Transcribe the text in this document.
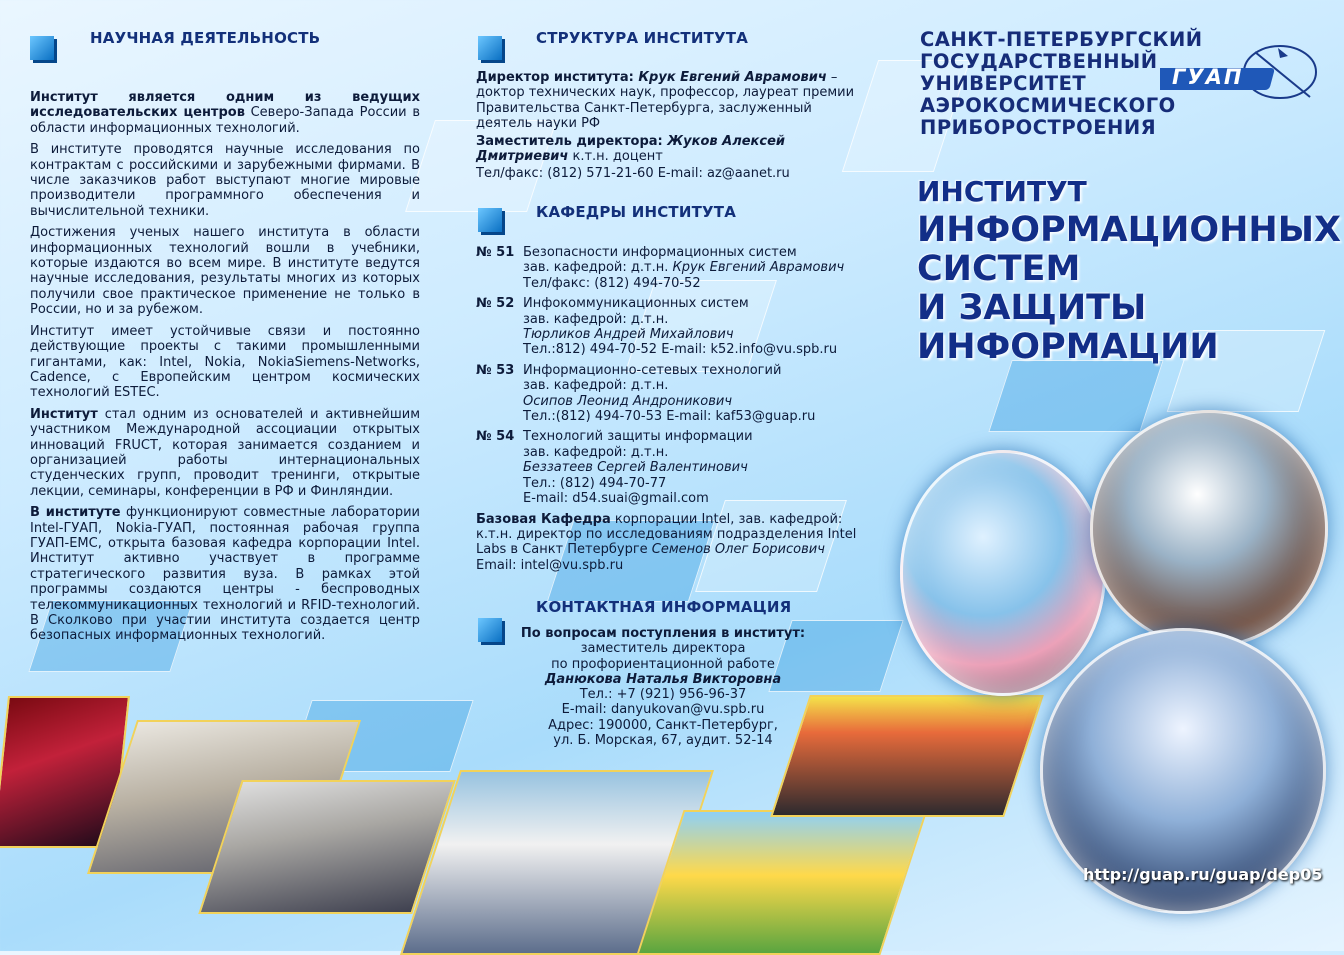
НАУЧНАЯ ДЕЯТЕЛЬНОСТЬ

Институт является одним из ведущих исследовательских центров Северо-Запада России в области информационных технологий.

В институте проводятся научные исследования по контрактам с российскими и зарубежными фирмами. В числе заказчиков работ выступают многие мировые производители программного обеспечения и вычислительной техники.

Достижения ученых нашего института в области информационных технологий вошли в учебники, которые издаются во всем мире. В институте ведутся научные исследования, результаты многих из которых получили свое практическое применение не только в России, но и за рубежом.

Институт имеет устойчивые связи и постоянно действующие проекты с такими промышленными гигантами, как: Intel, Nokia, NokiaSiemens-Networks, Cadence, с Европейским центром космических технологий ESTEC.

Институт стал одним из основателей и активнейшим участником Международной ассоциации открытых инноваций FRUCT, которая занимается созданием и организацией работы интернациональных студенческих групп, проводит тренинги, открытые лекции, семинары, конференции в РФ и Финляндии.

В институте функционируют совместные лаборатории Intel-ГУАП, Nokia-ГУАП, постоянная рабочая группа ГУАП-ЕМС, открыта базовая кафедра корпорации Intel. Институт активно участвует в программе стратегического развития вуза. В рамках этой программы создаются центры - беспроводных телекоммуникационных технологий и RFID-технологий. В Сколково при участии института создается центр безопасных информационных технологий.

СТРУКТУРА ИНСТИТУТА

Директор института: Крук Евгений Аврамович – доктор технических наук, профессор, лауреат премии Правительства Санкт-Петербурга, заслуженный деятель науки РФ

Заместитель директора: Жуков Алексей Дмитриевич к.т.н. доцент

Тел/факс: (812) 571-21-60 E-mail: az@aanet.ru

КАФЕДРЫ ИНСТИТУТА
№ 51 Безопасности информационных систем
зав. кафедрой: д.т.н. Крук Евгений Аврамович
Тел/факс: (812) 494-70-52
№ 52 Инфокоммуникационных систем
зав. кафедрой: д.т.н.
Тюрликов Андрей Михайлович
Тел.:812) 494-70-52 E-mail: k52.info@vu.spb.ru
№ 53 Информационно-сетевых технологий
зав. кафедрой: д.т.н.
Осипов Леонид Андроникович
Тел.:(812) 494-70-53 E-mail: kaf53@guap.ru
№ 54 Технологий защиты информации
зав. кафедрой: д.т.н.
Беззатеев Сергей Валентинович
Тел.: (812) 494-70-77
E-mail: d54.suai@gmail.com

Базовая Кафедра корпорации Intel, зав. кафедрой: к.т.н. директор по исследованиям подразделения Intel Labs в Санкт Петербурге Семенов Олег Борисович

Email: intel@vu.spb.ru

КОНТАКТНАЯ ИНФОРМАЦИЯ
По вопросам поступления в институт:
заместитель директора
по профориентационной работе
Данюкова Наталья Викторовна
Тел.: +7 (921) 956-96-37
E-mail: danyukovan@vu.spb.ru
Адрес: 190000, Санкт-Петербург,
ул. Б. Морская, 67, аудит. 52-14
САНКТ-ПЕТЕРБУРГСКИЙ
ГОСУДАРСТВЕННЫЙ
УНИВЕРСИТЕТ
АЭРОКОСМИЧЕСКОГО
ПРИБОРОСТРОЕНИЯ
ГУАП
ИНСТИТУТ
ИНФОРМАЦИОННЫХ
СИСТЕМ
И ЗАЩИТЫ
ИНФОРМАЦИИ
http://guap.ru/guap/dep05
